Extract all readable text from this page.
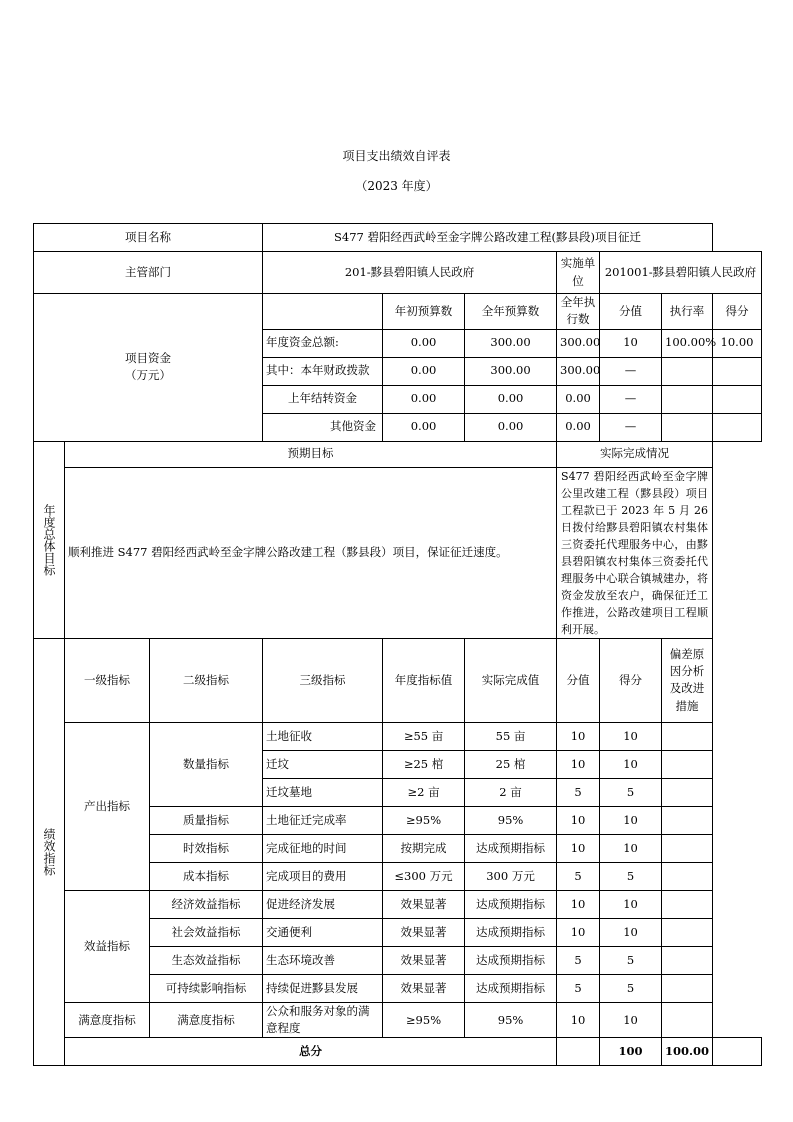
项目支出绩效自评表
（2023 年度）
项目名称			S477 碧阳经西武岭至金字牌公路改建工程(黟县段)项目征迁						
主管部门			201-黟县碧阳镇人民政府			实施单位	201001-黟县碧阳镇人民政府		

项目资金
（万元）				年初预算数	全年预算数	全年执行数	分值	执行率	得分
			年度资金总额:	0.00	300.00	300.00	10	100.00%	10.00
			其中：本年财政拨款	0.00	300.00	300.00	—		
			上年结转资金	0.00	0.00	0.00	—		
			其他资金	0.00	0.00	0.00	—		
年度总体目标	预期目标					实际完成情况			
	顺利推进 S477 碧阳经西武岭至金字牌公路改建工程（黟县段）项目，保证征迁速度。					S477 碧阳经西武岭至金字牌公里改建工程（黟县段）项目工程款已于 2023 年 5 月 26 日拨付给黟县碧阳镇农村集体三资委托代理服务中心，由黟县碧阳镇农村集体三资委托代理服务中心联合镇城建办，将资金发放至农户，确保征迁工作推进，公路改建项目工程顺利开展。			
绩效指标	一级指标	二级指标	三级指标	年度指标值	实际完成值	分值	得分	偏差原因分析及改进措施	
	产出指标	数量指标	土地征收	≥55 亩	55 亩	10	10		
			迁坟	≥25 棺	25 棺	10	10		
			迁坟墓地	≥2 亩	2 亩	5	5		
		质量指标	土地征迁完成率	≥95%	95%	10	10		
		时效指标	完成征地的时间	按期完成	达成预期指标	10	10		
		成本指标	完成项目的费用	≤300 万元	300 万元	5	5		
	效益指标	经济效益指标	促进经济发展	效果显著	达成预期指标	10	10		
		社会效益指标	交通便利	效果显著	达成预期指标	10	10		
		生态效益指标	生态环境改善	效果显著	达成预期指标	5	5		
		可持续影响指标	持续促进黟县发展	效果显著	达成预期指标	5	5		
	满意度指标	满意度指标	公众和服务对象的满意程度	≥95%	95%	10	10		
	总分						100	100.00	
